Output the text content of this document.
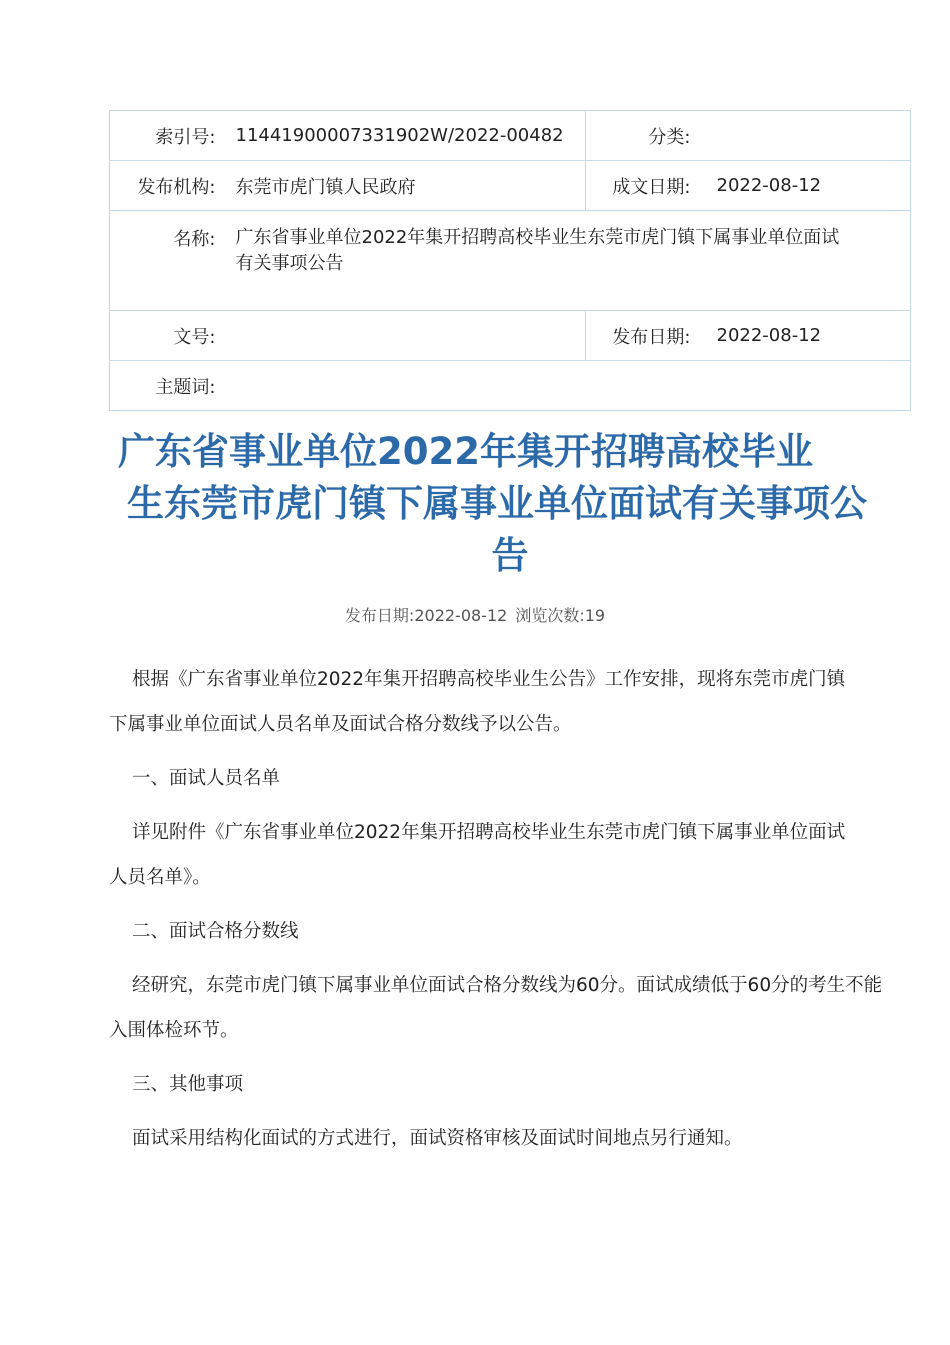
索引号:	11441900007331902W/2022-00482	分类:	
发布机构:	东莞市虎门镇人民政府	成文日期:	2022-08-12
名称:	广东省事业单位2022年集开招聘高校毕业生东莞市虎门镇下属事业单位面试有关事项公告		

文号:		发布日期:	2022-08-12
主题词:			
广东省事业单位2022年集开招聘高校毕业
生东莞市虎门镇下属事业单位面试有关事项公
告
发布日期:2022-08-12 浏览次数:19
根据《广东省事业单位2022年集开招聘高校毕业生公告》工作安排，现将东莞市虎门镇
下属事业单位面试人员名单及面试合格分数线予以公告。
一、面试人员名单
详见附件《广东省事业单位2022年集开招聘高校毕业生东莞市虎门镇下属事业单位面试
人员名单》。
二、面试合格分数线
经研究，东莞市虎门镇下属事业单位面试合格分数线为60分。面试成绩低于60分的考生不能
入围体检环节。
三、其他事项
面试采用结构化面试的方式进行，面试资格审核及面试时间地点另行通知。
